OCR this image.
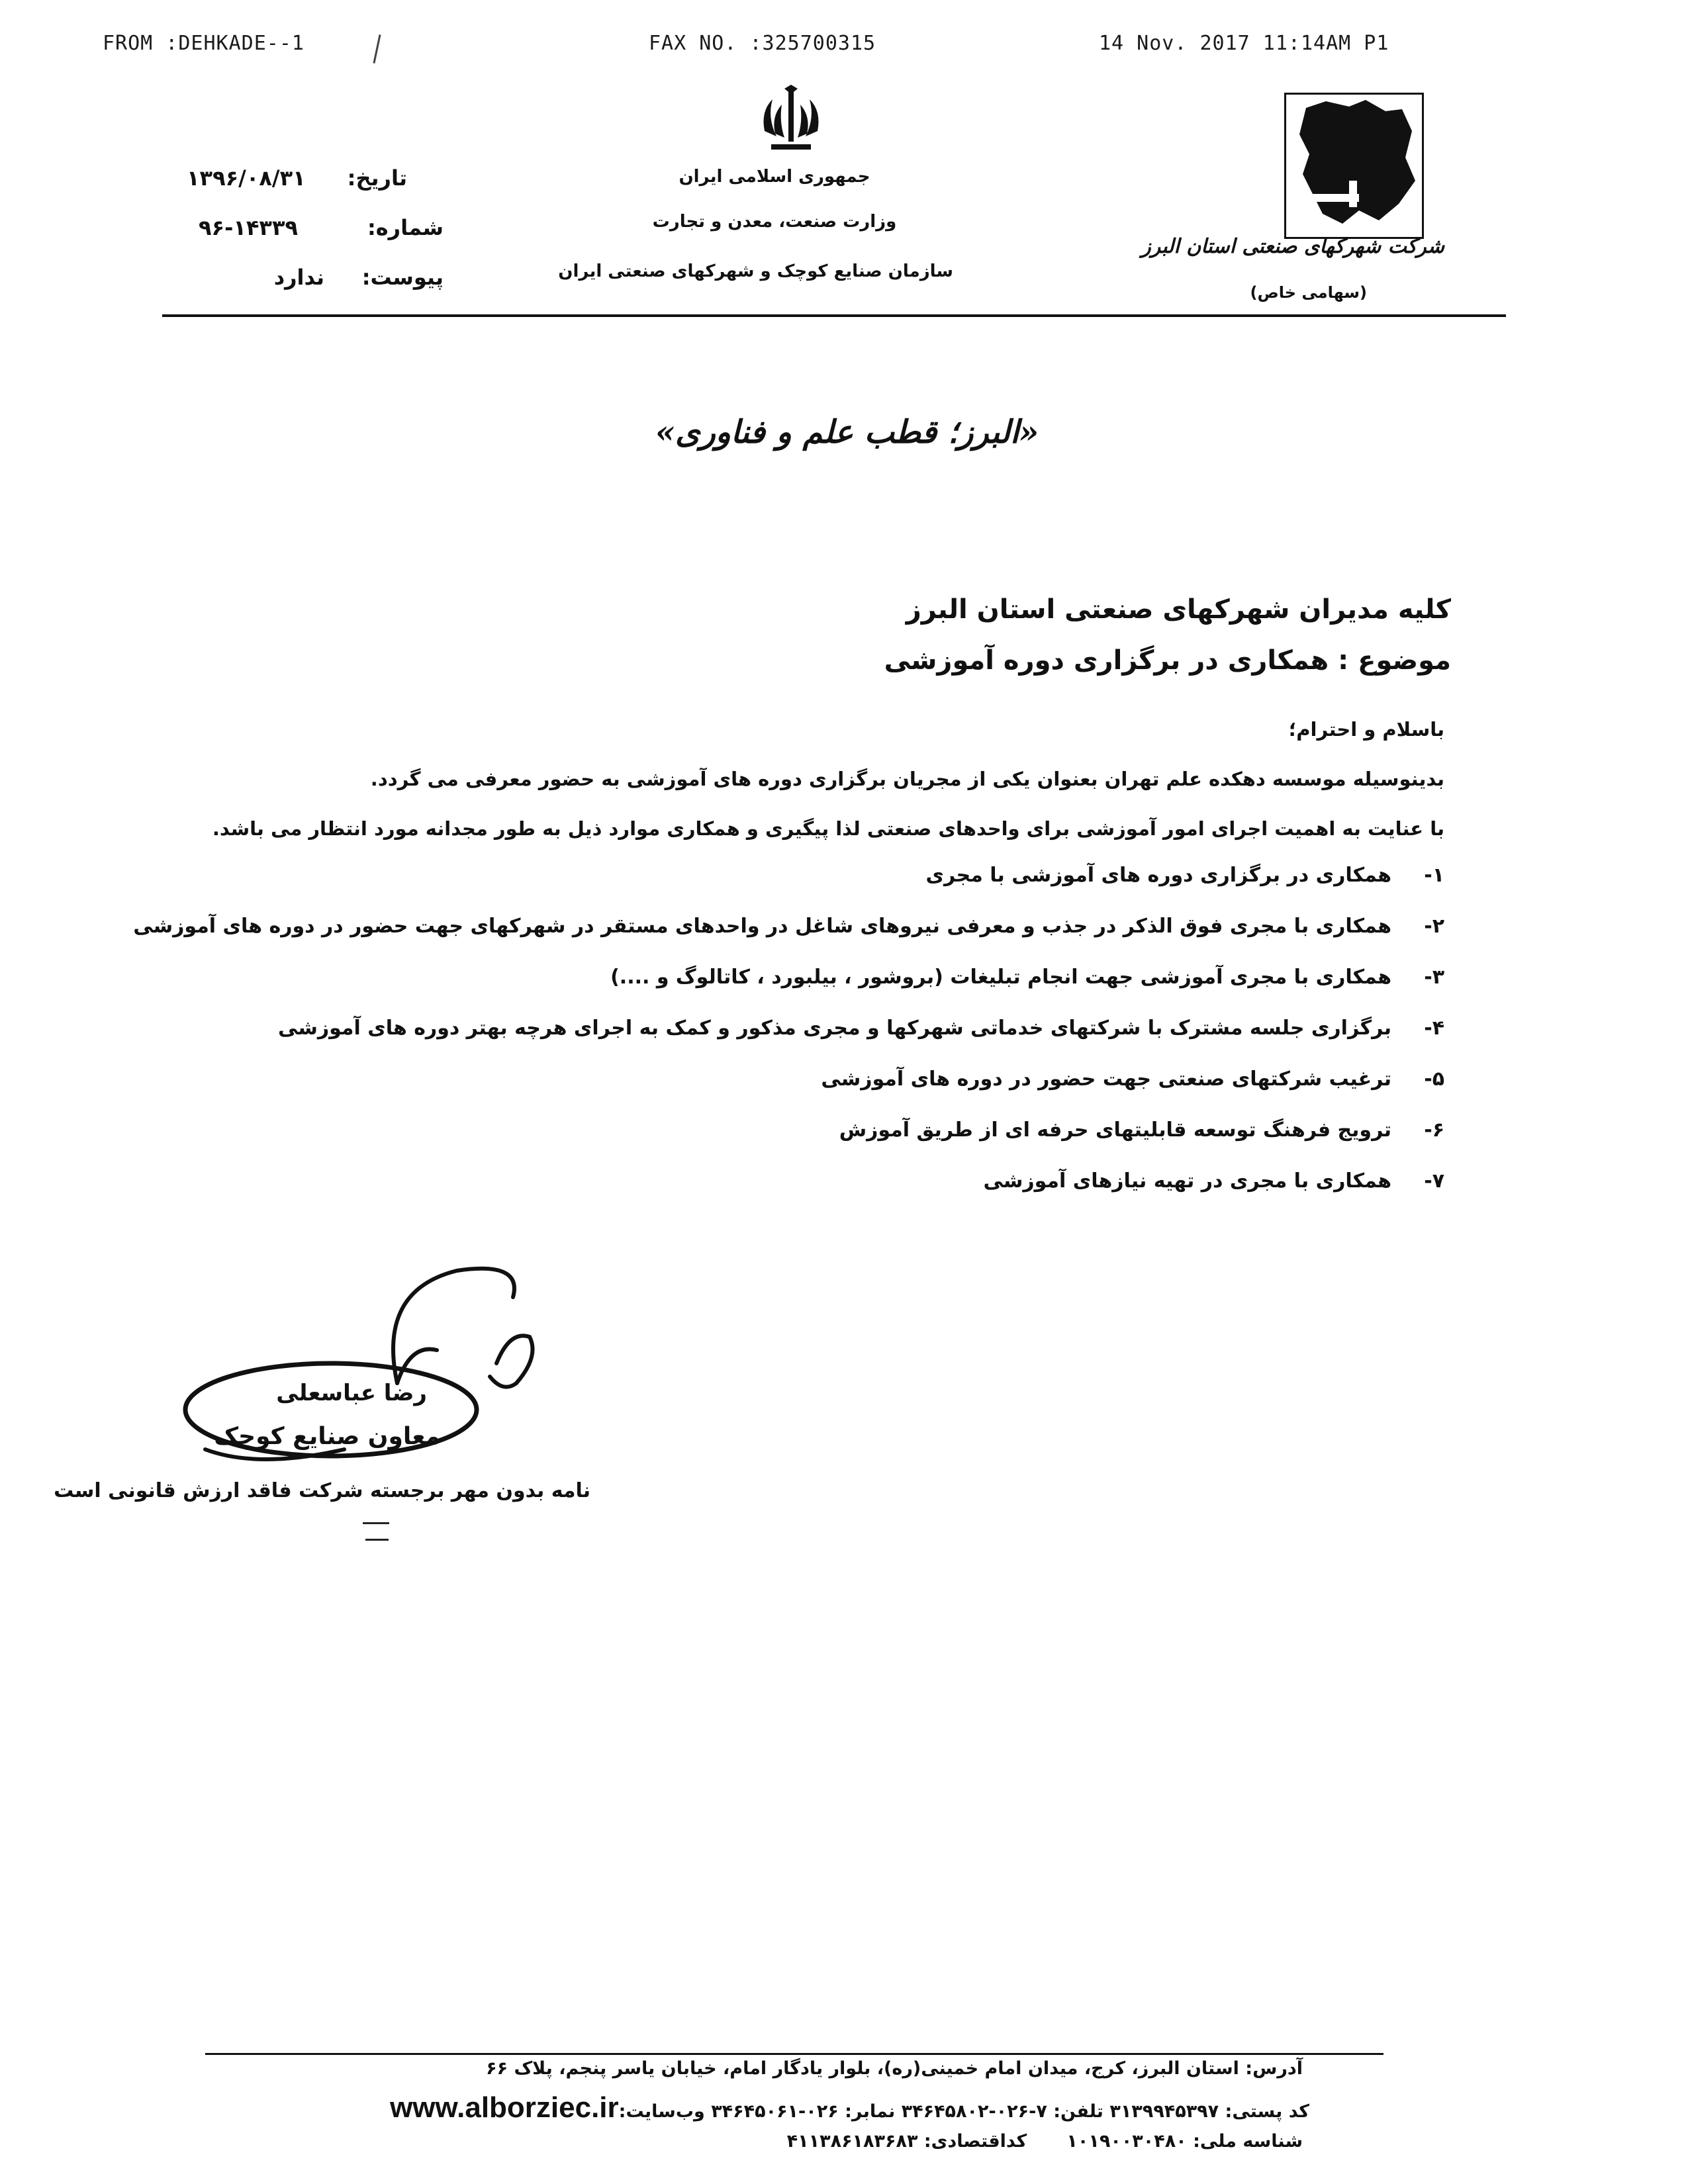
FROM :DEHKADE--1	FAX NO. :325700315	14 Nov. 2017 11:14AM P1
تاریخ:
۱۳۹۶/۰۸/۳۱
شماره:
۹۶-۱۴۳۳۹
پیوست:
ندارد
جمهوری اسلامی ایران
وزارت صنعت، معدن و تجارت
سازمان صنایع کوچک و شهرکهای صنعتی ایران
شرکت شهرکهای صنعتی استان البرز
(سهامی خاص)
«البرز؛ قطب علم و فناوری»
کلیه مدیران شهرکهای صنعتی استان البرز
موضوع : همکاری در برگزاری دوره آموزشی
باسلام و احترام؛
بدینوسیله موسسه دهکده علم تهران بعنوان یکی از مجریان برگزاری دوره های آموزشی به حضور معرفی می گردد.
با عنایت به اهمیت اجرای امور آموزشی برای واحدهای صنعتی لذا پیگیری و همکاری موارد ذیل به طور مجدانه مورد انتظار می باشد.
۱-همکاری در برگزاری دوره های آموزشی با مجری
۲-همکاری با مجری فوق الذکر در جذب و معرفی نیروهای شاغل در واحدهای مستقر در شهرکهای جهت حضور در دوره های آموزشی
۳-همکاری با مجری آموزشی جهت انجام تبلیغات (بروشور ، بیلبورد ، کاتالوگ و ....)
۴-برگزاری جلسه مشترک با شرکتهای خدماتی شهرکها و مجری مذکور و کمک به اجرای هرچه بهتر دوره های آموزشی
۵-ترغیب شرکتهای صنعتی جهت حضور در دوره های آموزشی
۶-ترویج فرهنگ توسعه قابلیتهای حرفه ای از طریق آموزش
۷-همکاری با مجری در تهیه نیازهای آموزشی
رضا عباسعلی
معاون صنایع کوچک
نامه بدون مهر برجسته شرکت فاقد ارزش قانونی است
آدرس: استان البرز، کرج، میدان امام خمینی(ره)، بلوار یادگار امام، خیابان یاسر پنجم، پلاک ۶۶
کد پستی: ۳۱۳۹۹۴۵۳۹۷ تلفن: ۷-۰۲۶-۳۴۶۴۵۸۰۲ نمابر: ۰۲۶-۳۴۶۴۵۰۶۱ وب‌سایت:www.alborziec.ir
شناسه ملی: ۱۰۱۹۰۰۳۰۴۸۰  کداقتصادی: ۴۱۱۳۸۶۱۸۳۶۸۳
